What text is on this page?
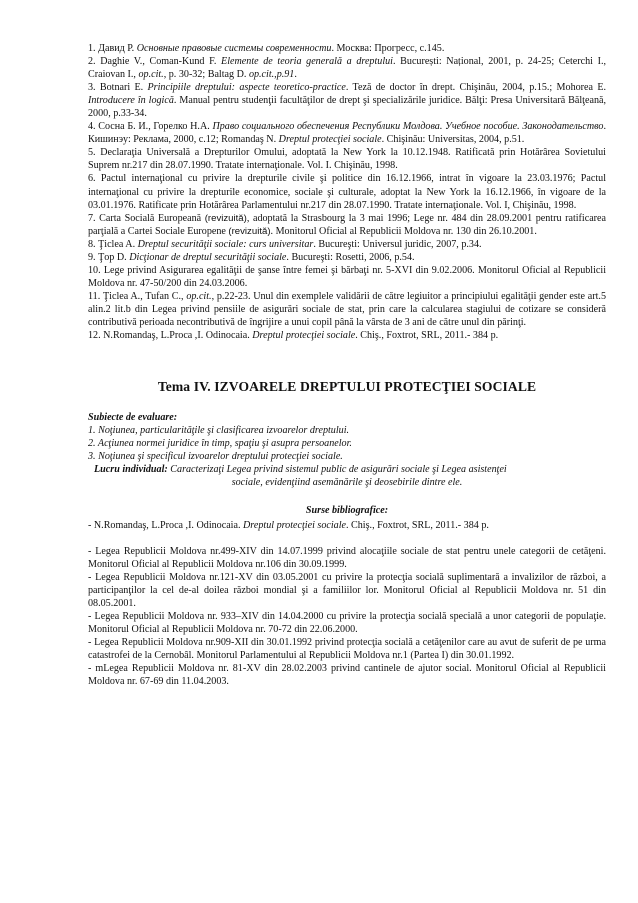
1. Давид Р. Основные правовые системы современности. Москва: Прогресс, с.145.

2. Daghie V., Coman-Kund F. Elemente de teoria generală a dreptului. București: Național, 2001, p. 24-25; Ceterchi I., Craiovan I., op.cit., p. 30-32; Baltag D. op.cit.,p.91.

3. Botnari E. Principiile dreptului: aspecte teoretico-practice. Teză de doctor în drept. Chişinău, 2004, p.15.; Mohorea E. Introducere în logică. Manual pentru studenţii facultăţilor de drept şi specializările juridice. Bălţi: Presa Universitară Bălţeană, 2000, p.33-34.

4. Сосна Б. И., Горелко Н.А. Право социального обеспечения Республики Молдова. Учебное пособие. Законодательство. Кишинэу: Реклама, 2000, с.12; Romandaş N. Dreptul protecţiei sociale. Chişinău: Universitas, 2004, p.51.

5. Declaraţia Universală a Drepturilor Omului, adoptată la New York la 10.12.1948. Ratificată prin Hotărârea Sovietului Suprem nr.217 din 28.07.1990. Tratate internaţionale. Vol. I. Chişinău, 1998.

6. Pactul internaţional cu privire la drepturile civile şi politice din 16.12.1966, intrat în vigoare la 23.03.1976; Pactul internaţional cu privire la drepturile economice, sociale şi culturale, adoptat la New York la 16.12.1966, în vigoare de la 03.01.1976. Ratificate prin Hotărârea Parlamentului nr.217 din 28.07.1990. Tratate internaţionale. Vol. I, Chişinău, 1998.

7. Carta Socială Europeană (revizuită), adoptată la Strasbourg la 3 mai 1996; Lege nr. 484 din 28.09.2001 pentru ratificarea parţială a Cartei Sociale Europene (revizuită). Monitorul Oficial al Republicii Moldova nr. 130 din 26.10.2001.

8. Ţiclea A. Dreptul securităţii sociale: curs universitar. Bucureşti: Universul juridic, 2007, p.34.

9. Ţop D. Dicţionar de dreptul securităţii sociale. Bucureşti: Rosetti, 2006, p.54.

10. Lege privind Asigurarea egalităţii de şanse între femei şi bărbaţi nr. 5-XVI din 9.02.2006. Monitorul Oficial al Republicii Moldova nr. 47-50/200 din 24.03.2006.

11. Ţiclea A., Tufan C., op.cit., p.22-23. Unul din exemplele validării de către legiuitor a principiului egalităţii gender este art.5 alin.2 lit.b din Legea privind pensiile de asigurări sociale de stat, prin care la calcularea stagiului de cotizare se consideră contributivă perioada necontributivă de îngrijire a unui copil până la vârsta de 3 ani de către unul din părinţi.

12. N.Romandaş, L.Proca ,I. Odinocaia. Dreptul protecţiei sociale. Chiş., Foxtrot, SRL, 2011.- 384 p.

Tema IV. IZVOARELE DREPTULUI PROTECŢIEI SOCIALE

Subiecte de evaluare:

1. Noţiunea, particularităţile şi clasificarea izvoarelor dreptului.

2. Acţiunea normei juridice în timp, spaţiu şi asupra persoanelor.

3. Noţiunea şi specificul izvoarelor dreptului protecţiei sociale.

Lucru individual: Caracterizaţi Legea privind sistemul public de asigurări sociale şi Legea asistenţei

sociale, evidenţiind asemănările şi deosebirile dintre ele.

Surse bibliografice:

- N.Romandaş, L.Proca ,I. Odinocaia. Dreptul protecţiei sociale. Chiş., Foxtrot, SRL, 2011.- 384 p.

- Legea Republicii Moldova nr.499-XIV din 14.07.1999 privind alocaţiile sociale de stat pentru unele categorii de cetăţeni. Monitorul Oficial al Republicii Moldova nr.106 din 30.09.1999.

- Legea Republicii Moldova nr.121-XV din 03.05.2001 cu privire la protecţia socială suplimentară a invalizilor de război, a participanţilor la cel de-al doilea război mondial şi a familiilor lor. Monitorul Oficial al Republicii Moldova nr. 51 din 08.05.2001.

- Legea Republicii Moldova nr. 933–XIV din 14.04.2000 cu privire la protecţia socială specială a unor categorii de populaţie. Monitorul Oficial al Republicii Moldova nr. 70-72 din 22.06.2000.

- Legea Republicii Moldova nr.909-XII din 30.01.1992 privind protecţia socială a cetăţenilor care au avut de suferit de pe urma catastrofei de la Cernobâl. Monitorul Parlamentului al Republicii Moldova nr.1 (Partea I) din 30.01.1992.

- mLegea Republicii Moldova nr. 81-XV din 28.02.2003 privind cantinele de ajutor social. Monitorul Oficial al Republicii Moldova nr. 67-69 din 11.04.2003.
